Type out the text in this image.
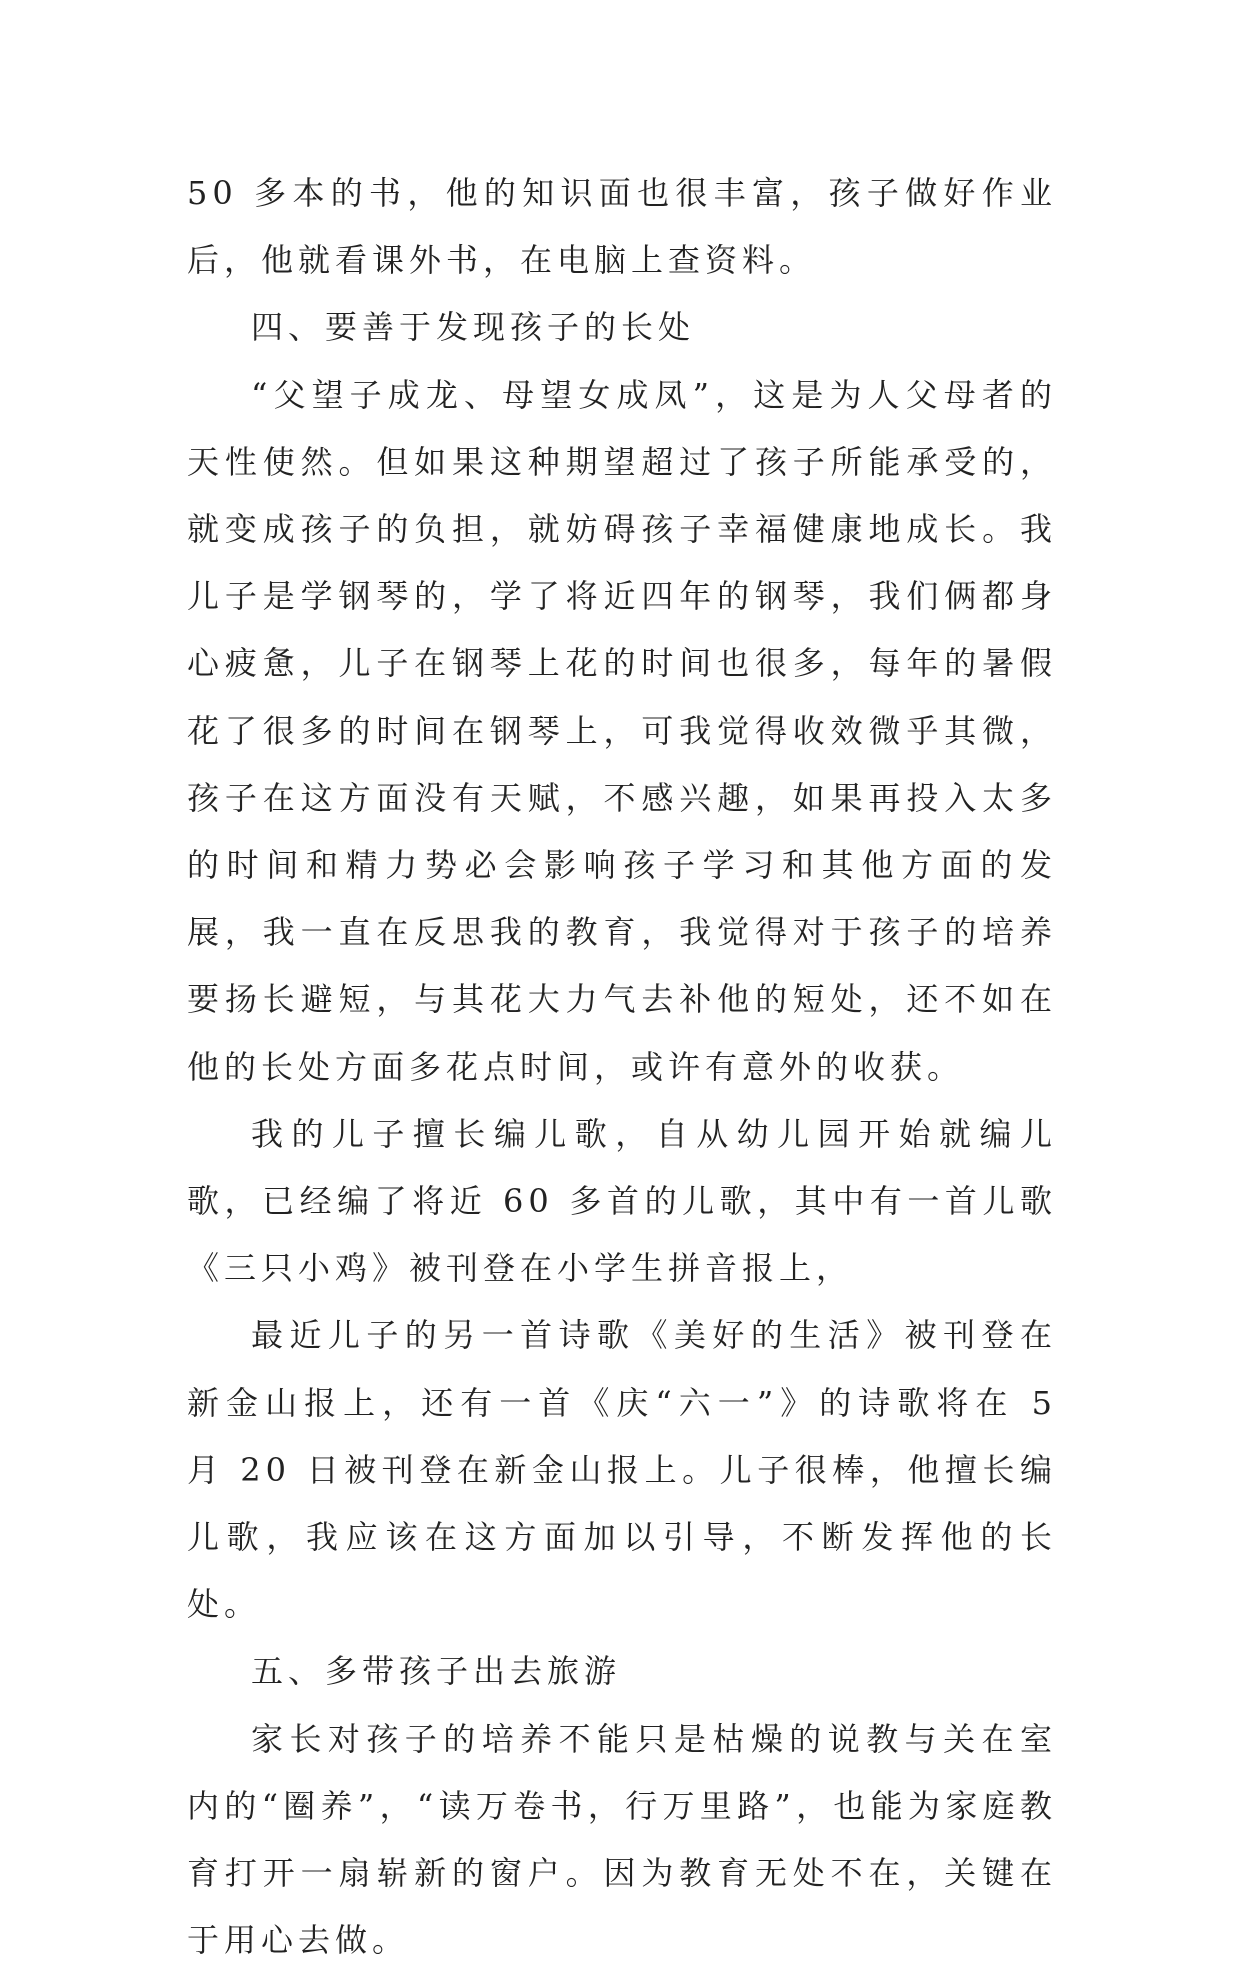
50 多本的书，他的知识面也很丰富，孩子做好作业后，他就看课外书，在电脑上查资料。

四、要善于发现孩子的长处

“父望子成龙、母望女成凤”，这是为人父母者的天性使然。但如果这种期望超过了孩子所能承受的，就变成孩子的负担，就妨碍孩子幸福健康地成长。我儿子是学钢琴的，学了将近四年的钢琴，我们俩都身心疲惫，儿子在钢琴上花的时间也很多，每年的暑假花了很多的时间在钢琴上，可我觉得收效微乎其微，孩子在这方面没有天赋，不感兴趣，如果再投入太多的时间和精力势必会影响孩子学习和其他方面的发展，我一直在反思我的教育，我觉得对于孩子的培养要扬长避短，与其花大力气去补他的短处，还不如在他的长处方面多花点时间，或许有意外的收获。

我的儿子擅长编儿歌，自从幼儿园开始就编儿歌，已经编了将近 60 多首的儿歌，其中有一首儿歌《三只小鸡》被刊登在小学生拼音报上，

最近儿子的另一首诗歌《美好的生活》被刊登在新金山报上，还有一首《庆“六一”》的诗歌将在 5 月 20 日被刊登在新金山报上。儿子很棒，他擅长编儿歌，我应该在这方面加以引导，不断发挥他的长处。

五、多带孩子出去旅游

家长对孩子的培养不能只是枯燥的说教与关在室内的“圈养”，“读万卷书，行万里路”，也能为家庭教育打开一扇崭新的窗户。因为教育无处不在，关键在于用心去做。
